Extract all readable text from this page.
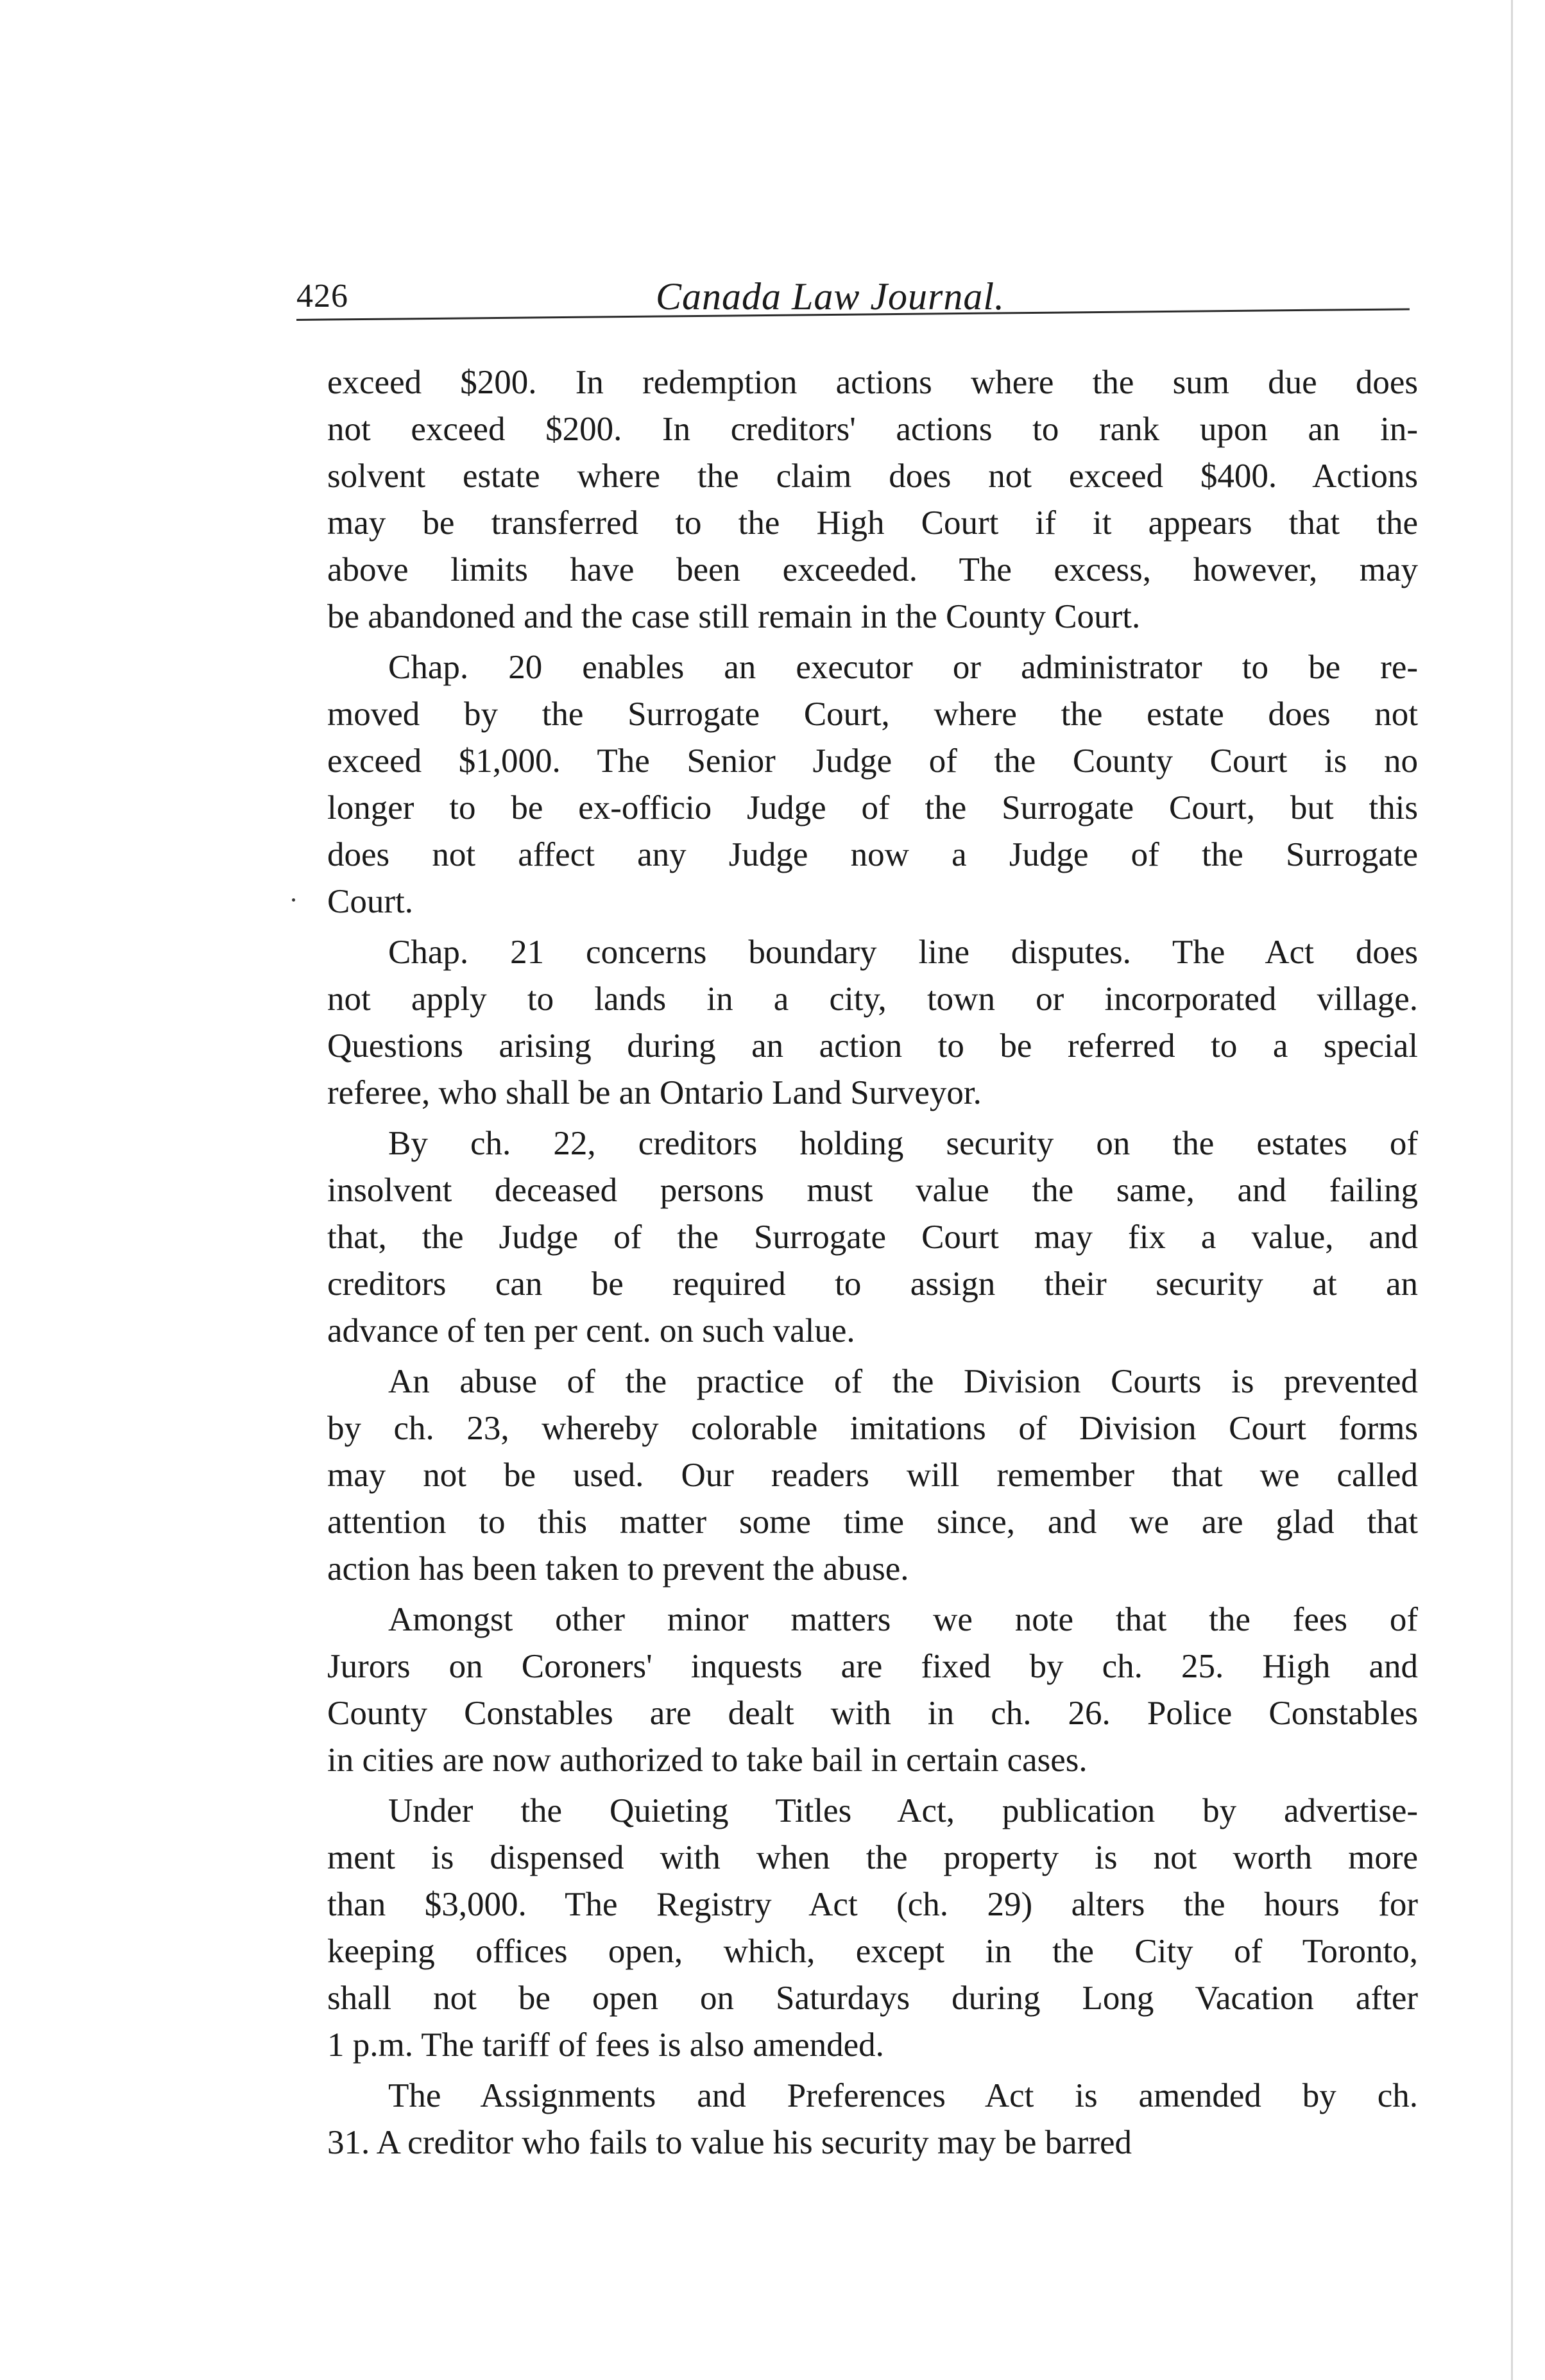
426	Canada Law Journal.
exceed $200. In redemption actions where the sum due does
not exceed $200. In creditors' actions to rank upon an in-
solvent estate where the claim does not exceed $400. Actions
may be transferred to the High Court if it appears that the
above limits have been exceeded. The excess, however, may
be abandoned and the case still remain in the County Court.
Chap. 20 enables an executor or administrator to be re-
moved by the Surrogate Court, where the estate does not
exceed $1,000. The Senior Judge of the County Court is no
longer to be ex-officio Judge of the Surrogate Court, but this
does not affect any Judge now a Judge of the Surrogate
Court.
Chap. 21 concerns boundary line disputes. The Act does
not apply to lands in a city, town or incorporated village.
Questions arising during an action to be referred to a special
referee, who shall be an Ontario Land Surveyor.
By ch. 22, creditors holding security on the estates of
insolvent deceased persons must value the same, and failing
that, the Judge of the Surrogate Court may fix a value, and
creditors can be required to assign their security at an
advance of ten per cent. on such value.
An abuse of the practice of the Division Courts is prevented
by ch. 23, whereby colorable imitations of Division Court forms
may not be used. Our readers will remember that we called
attention to this matter some time since, and we are glad that
action has been taken to prevent the abuse.
Amongst other minor matters we note that the fees of
Jurors on Coroners' inquests are fixed by ch. 25. High and
County Constables are dealt with in ch. 26. Police Constables
in cities are now authorized to take bail in certain cases.
Under the Quieting Titles Act, publication by advertise-
ment is dispensed with when the property is not worth more
than $3,000. The Registry Act (ch. 29) alters the hours for
keeping offices open, which, except in the City of Toronto,
shall not be open on Saturdays during Long Vacation after
1 p.m. The tariff of fees is also amended.
The Assignments and Preferences Act is amended by ch.
31. A creditor who fails to value his security may be barred
